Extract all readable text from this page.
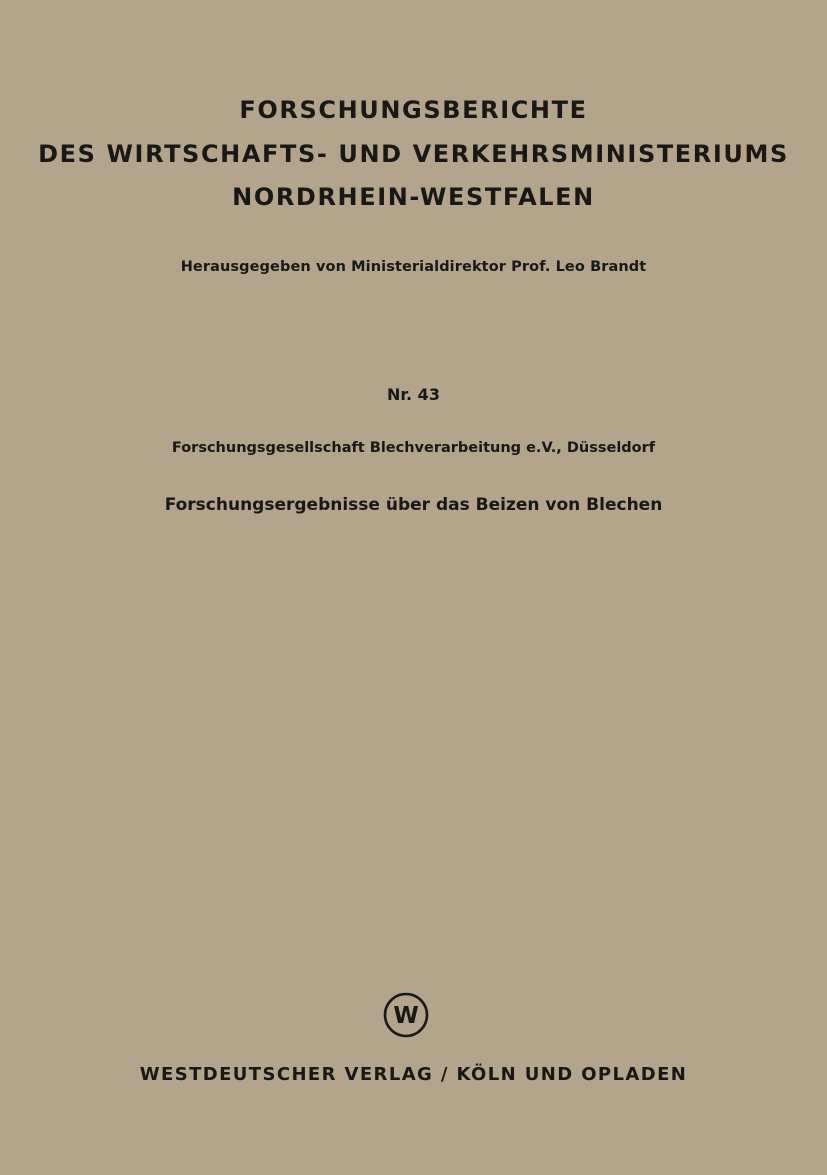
FORSCHUNGSBERICHTE
DES WIRTSCHAFTS- UND VERKEHRSMINISTERIUMS
NORDRHEIN-WESTFALEN
Herausgegeben von Ministerialdirektor Prof. Leo Brandt
Nr. 43
Forschungsgesellschaft Blechverarbeitung e.V., Düsseldorf
Forschungsergebnisse über das Beizen von Blechen
W
WESTDEUTSCHER VERLAG / KÖLN UND OPLADEN
